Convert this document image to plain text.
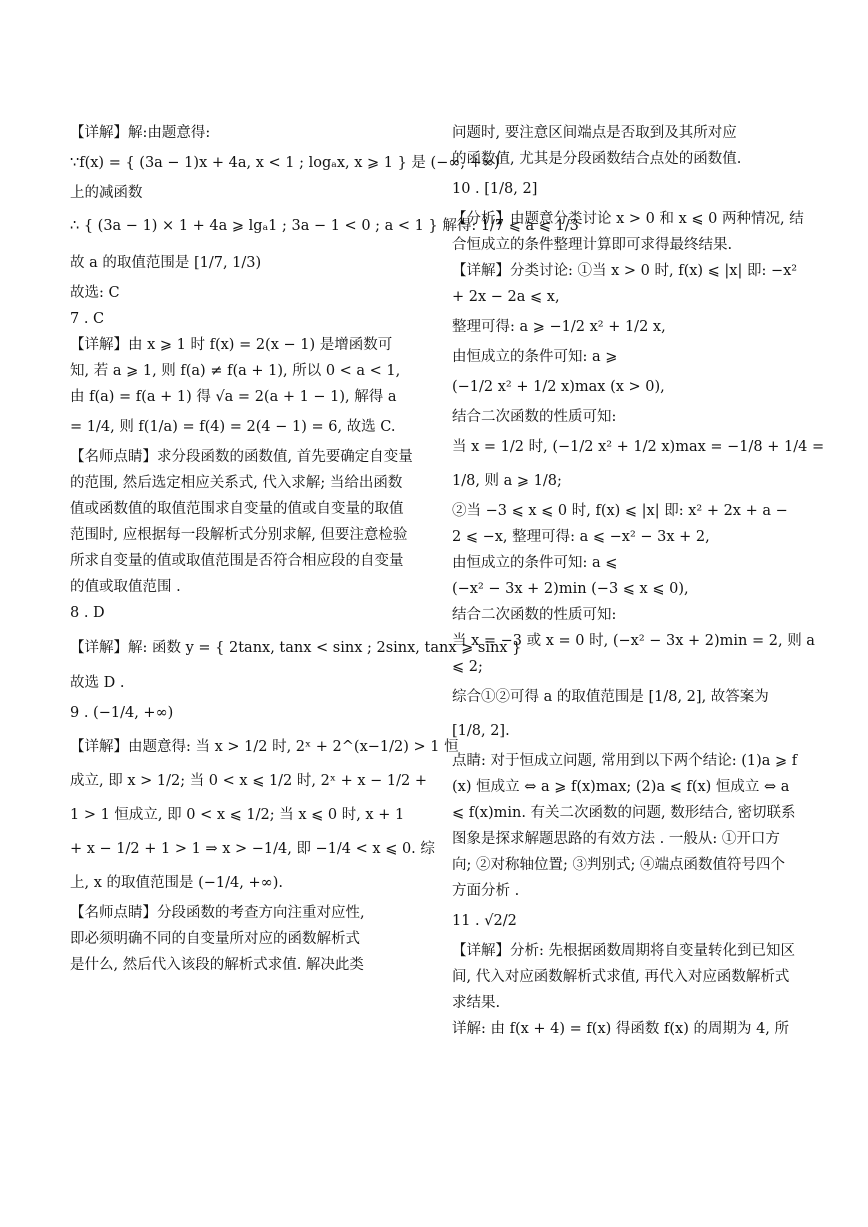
【详解】解:由题意得:
∵f(x) = { (3a − 1)x + 4a, x < 1 ; logₐx, x ⩾ 1 } 是 (−∞, +∞)
上的减函数
∴ { (3a − 1) × 1 + 4a ⩾ lgₐ1 ; 3a − 1 < 0 ; a < 1 } 解得: 1/7 ⩽ a ⩽ 1/3
故 a 的取值范围是 [1/7, 1/3)
故选: C
7 . C
【详解】由 x ⩾ 1 时 f(x) = 2(x − 1) 是增函数可
知, 若 a ⩾ 1, 则 f(a) ≠ f(a + 1), 所以 0 < a < 1,
由 f(a) = f(a + 1) 得 √a = 2(a + 1 − 1), 解得 a
= 1/4, 则 f(1/a) = f(4) = 2(4 − 1) = 6, 故选 C.
【名师点睛】求分段函数的函数值, 首先要确定自变量
的范围, 然后选定相应关系式, 代入求解; 当给出函数
值或函数值的取值范围求自变量的值或自变量的取值
范围时, 应根据每一段解析式分别求解, 但要注意检验
所求自变量的值或取值范围是否符合相应段的自变量
的值或取值范围 .
8 . D
【详解】解: 函数 y = { 2tanx, tanx < sinx ; 2sinx, tanx ⩾ sinx }
故选 D .
9 . (−1/4, +∞)
【详解】由题意得: 当 x > 1/2 时, 2ˣ + 2^(x−1/2) > 1 恒
成立, 即 x > 1/2; 当 0 < x ⩽ 1/2 时, 2ˣ + x − 1/2 +
1 > 1 恒成立, 即 0 < x ⩽ 1/2; 当 x ⩽ 0 时, x + 1
+ x − 1/2 + 1 > 1 ⇒ x > −1/4, 即 −1/4 < x ⩽ 0. 综
上, x 的取值范围是 (−1/4, +∞).
【名师点睛】分段函数的考查方向注重对应性,
即必须明确不同的自变量所对应的函数解析式
是什么, 然后代入该段的解析式求值. 解决此类
问题时, 要注意区间端点是否取到及其所对应
的函数值, 尤其是分段函数结合点处的函数值.
10 . [1/8, 2]
【分析】由题意分类讨论 x > 0 和 x ⩽ 0 两种情况, 结
合恒成立的条件整理计算即可求得最终结果.
【详解】分类讨论: ①当 x > 0 时, f(x) ⩽ |x| 即: −x²
+ 2x − 2a ⩽ x,
整理可得: a ⩾ −1/2 x² + 1/2 x,
由恒成立的条件可知: a ⩾
(−1/2 x² + 1/2 x)max (x > 0),
结合二次函数的性质可知:
当 x = 1/2 时, (−1/2 x² + 1/2 x)max = −1/8 + 1/4 =
1/8, 则 a ⩾ 1/8;
②当 −3 ⩽ x ⩽ 0 时, f(x) ⩽ |x| 即: x² + 2x + a −
2 ⩽ −x, 整理可得: a ⩽ −x² − 3x + 2,
由恒成立的条件可知: a ⩽
(−x² − 3x + 2)min (−3 ⩽ x ⩽ 0),
结合二次函数的性质可知:
当 x = −3 或 x = 0 时, (−x² − 3x + 2)min = 2, 则 a
⩽ 2;
综合①②可得 a 的取值范围是 [1/8, 2], 故答案为
[1/8, 2].
点睛: 对于恒成立问题, 常用到以下两个结论: (1)a ⩾ f
(x) 恒成立 ⇔ a ⩾ f(x)max; (2)a ⩽ f(x) 恒成立 ⇔ a
⩽ f(x)min. 有关二次函数的问题, 数形结合, 密切联系
图象是探求解题思路的有效方法 . 一般从: ①开口方
向; ②对称轴位置; ③判别式; ④端点函数值符号四个
方面分析 .
11 . √2/2
【详解】分析: 先根据函数周期将自变量转化到已知区
间, 代入对应函数解析式求值, 再代入对应函数解析式
求结果.
详解: 由 f(x + 4) = f(x) 得函数 f(x) 的周期为 4, 所
